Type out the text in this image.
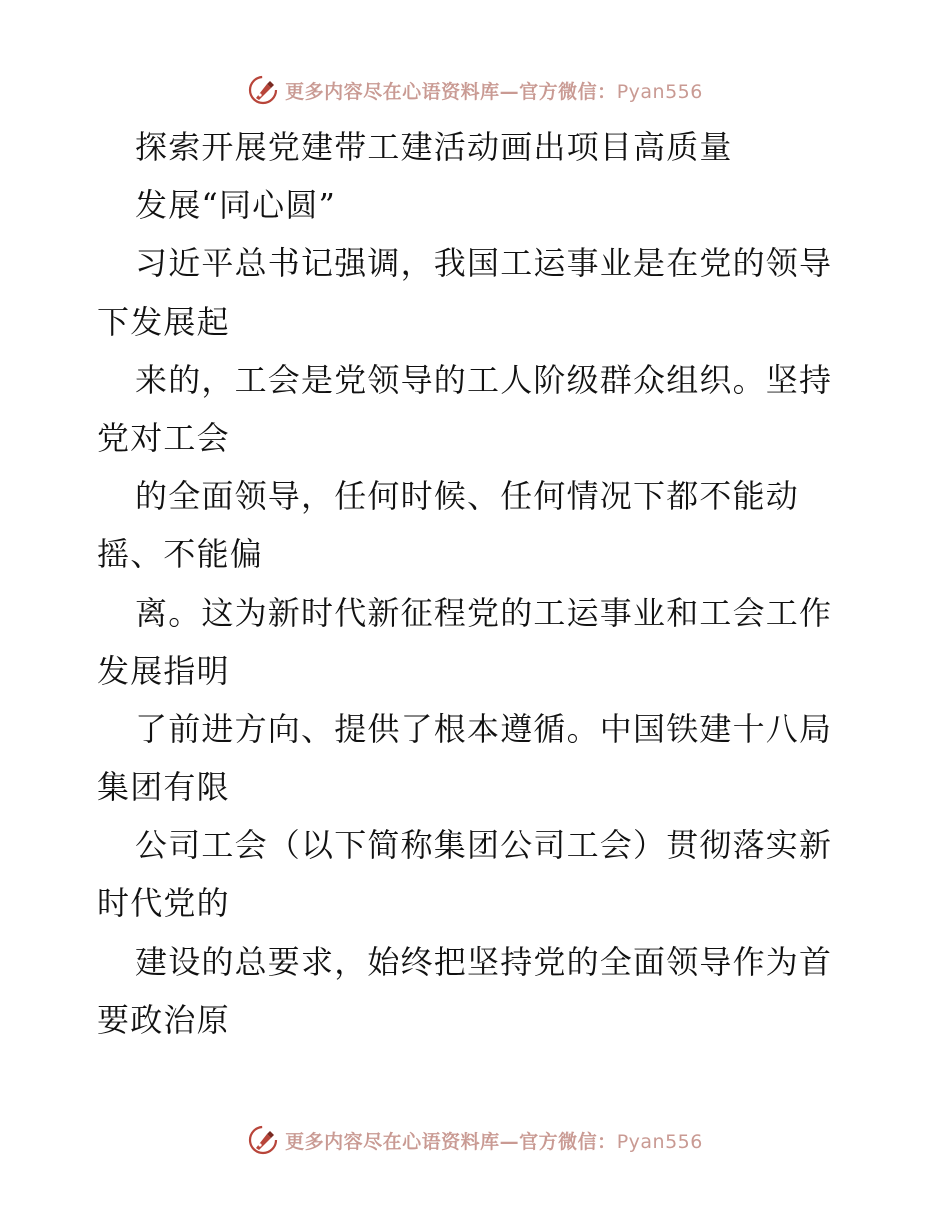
更多内容尽在心语资料库—官方微信：Pyan556
探索开展党建带工建活动画出项目高质量
发展“同心圆”
习近平总书记强调，我国工运事业是在党的领导
下发展起
来的，工会是党领导的工人阶级群众组织。坚持
党对工会
的全面领导，任何时候、任何情况下都不能动
摇、不能偏
离。这为新时代新征程党的工运事业和工会工作
发展指明
了前进方向、提供了根本遵循。中国铁建十八局
集团有限
公司工会（以下简称集团公司工会）贯彻落实新
时代党的
建设的总要求，始终把坚持党的全面领导作为首
要政治原
更多内容尽在心语资料库—官方微信：Pyan556
